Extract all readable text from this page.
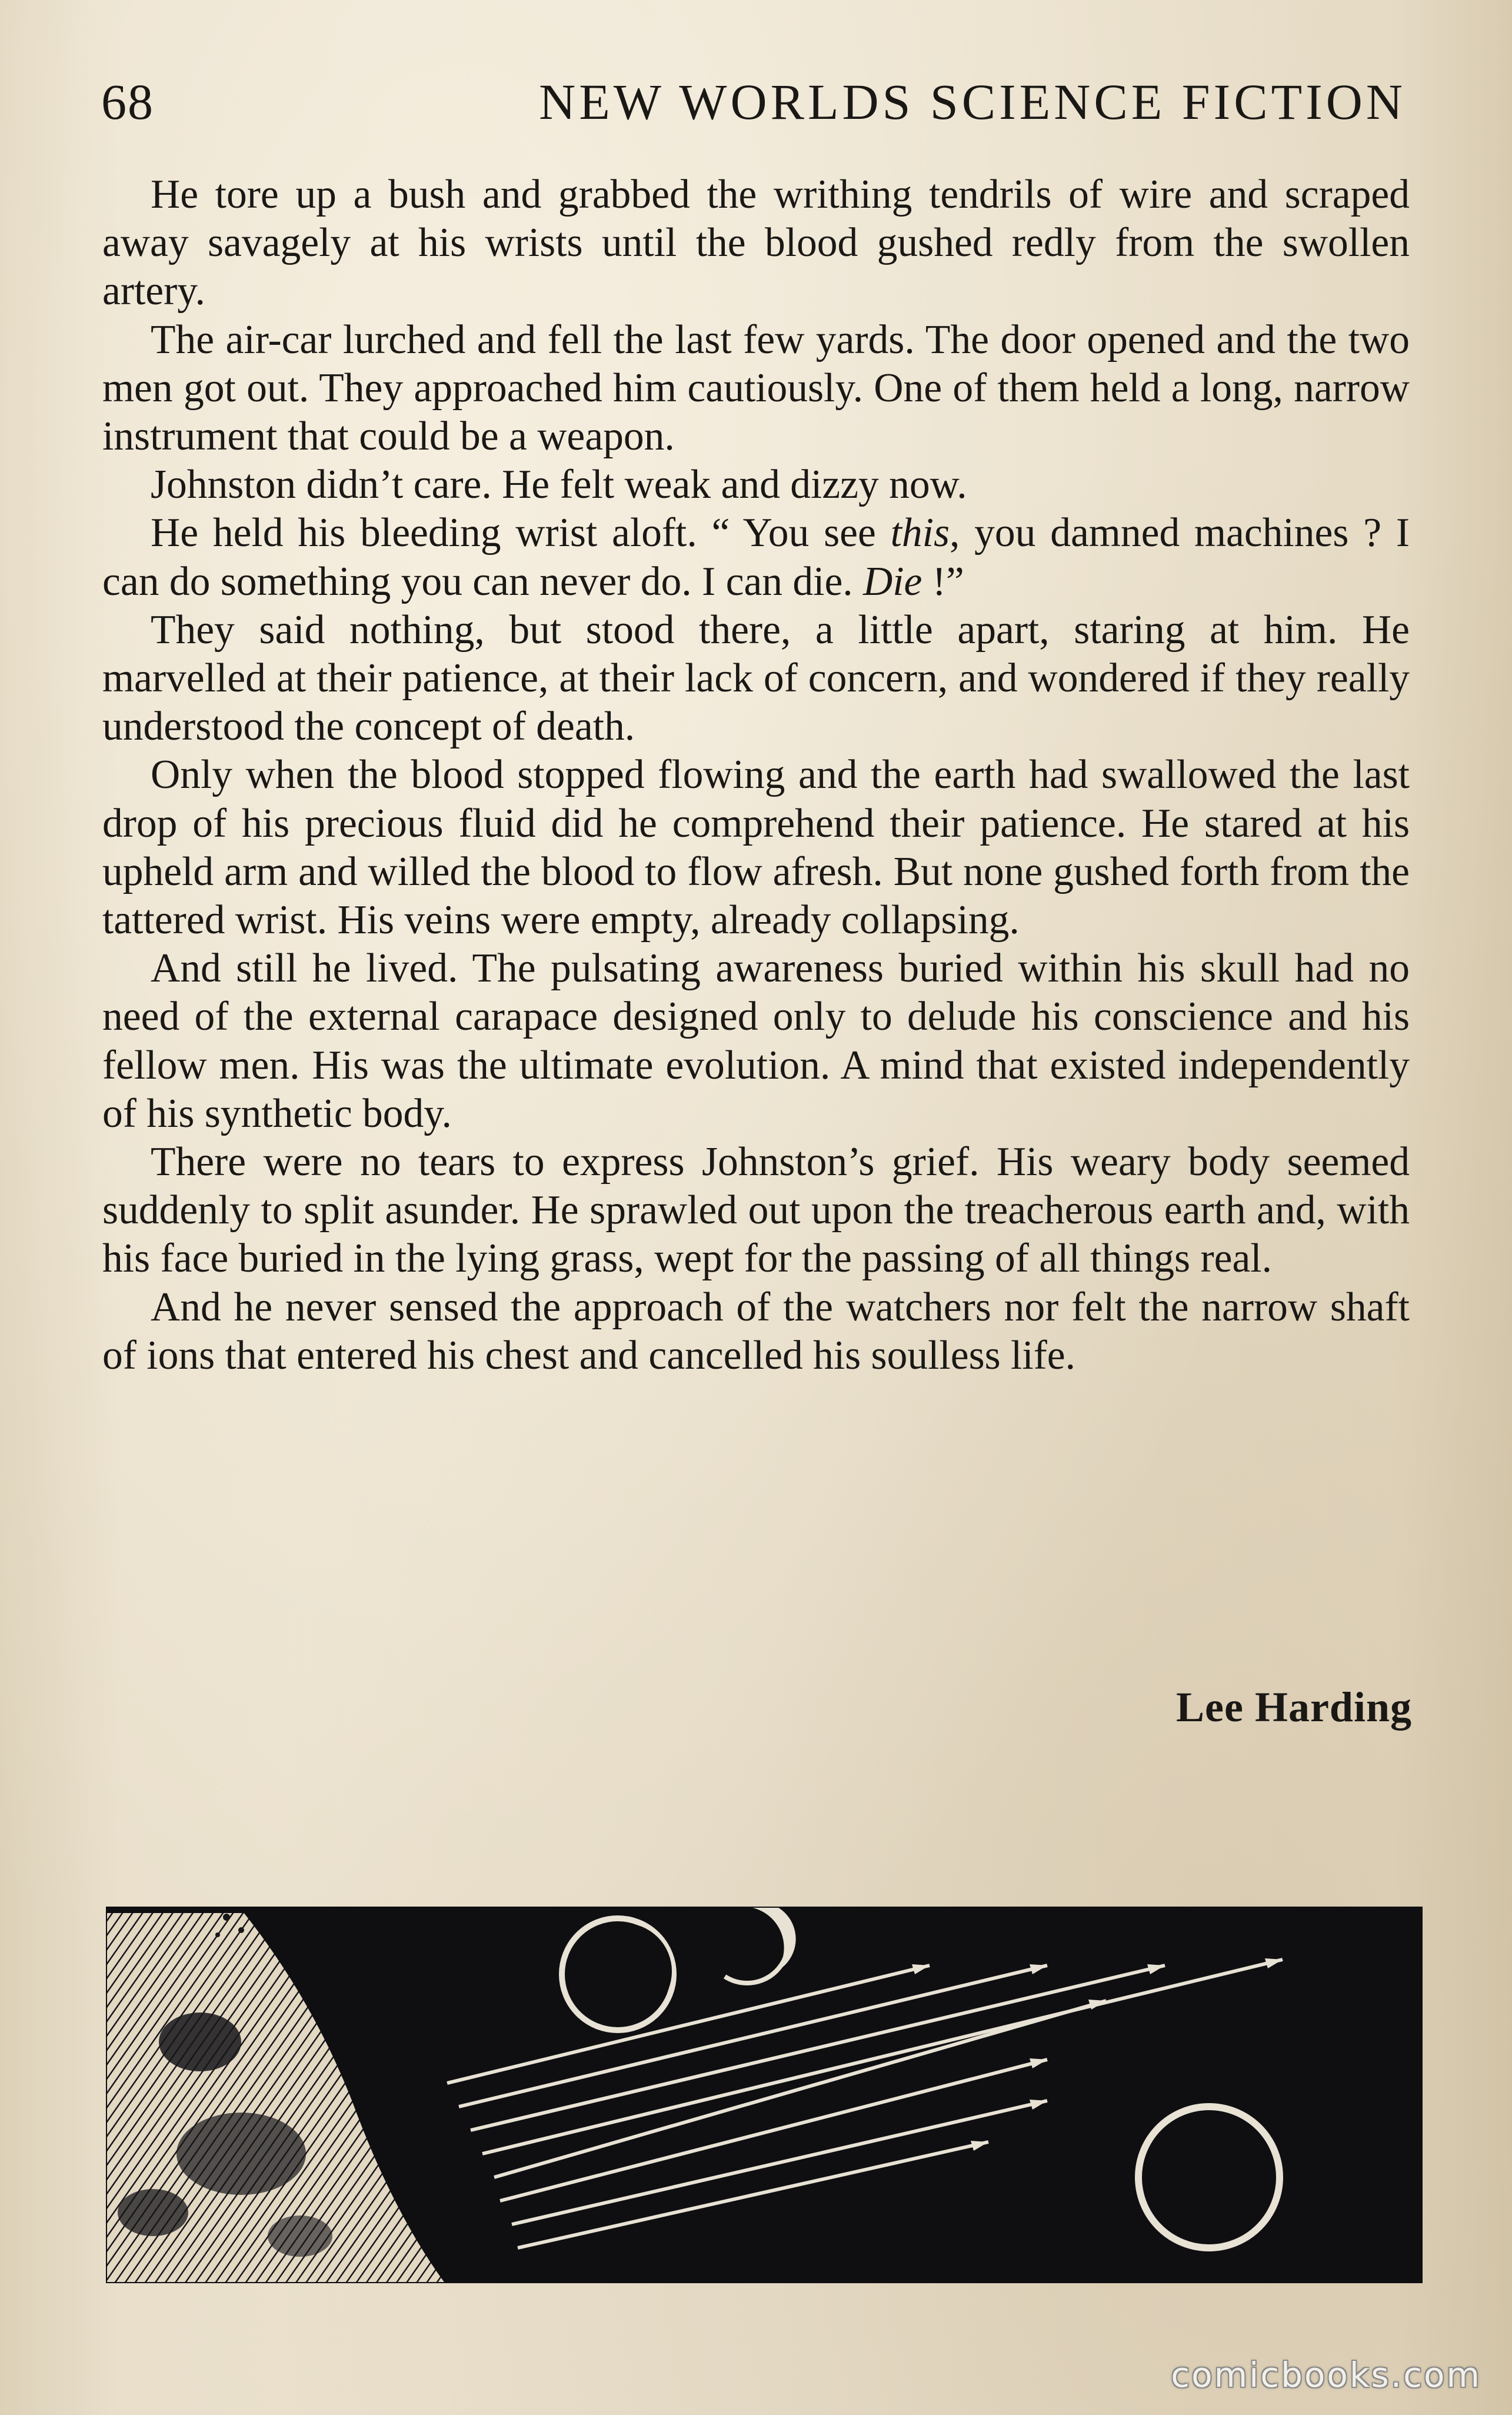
68	NEW WORLDS SCIENCE FICTION

He tore up a bush and grabbed the writhing tendrils of wire and scraped away savagely at his wrists until the blood gushed redly from the swollen artery.

The air-car lurched and fell the last few yards. The door opened and the two men got out. They approached him cautiously. One of them held a long, narrow instrument that could be a weapon.

Johnston didn’t care. He felt weak and dizzy now.

He held his bleeding wrist aloft. “ You see this, you damned machines ? I can do something you can never do. I can die. Die !”

They said nothing, but stood there, a little apart, staring at him. He marvelled at their patience, at their lack of concern, and wondered if they really understood the concept of death.

Only when the blood stopped flowing and the earth had swallowed the last drop of his precious fluid did he comprehend their patience. He stared at his upheld arm and willed the blood to flow afresh. But none gushed forth from the tattered wrist. His veins were empty, already collapsing.

And still he lived. The pulsating awareness buried within his skull had no need of the external carapace designed only to delude his conscience and his fellow men. His was the ultimate evolution. A mind that existed independently of his synthetic body.

There were no tears to express Johnston’s grief. His weary body seemed suddenly to split asunder. He sprawled out upon the treacherous earth and, with his face buried in the lying grass, wept for the passing of all things real.

And he never sensed the approach of the watchers nor felt the narrow shaft of ions that entered his chest and cancelled his soulless life.

Lee Harding
comicbooks.com
